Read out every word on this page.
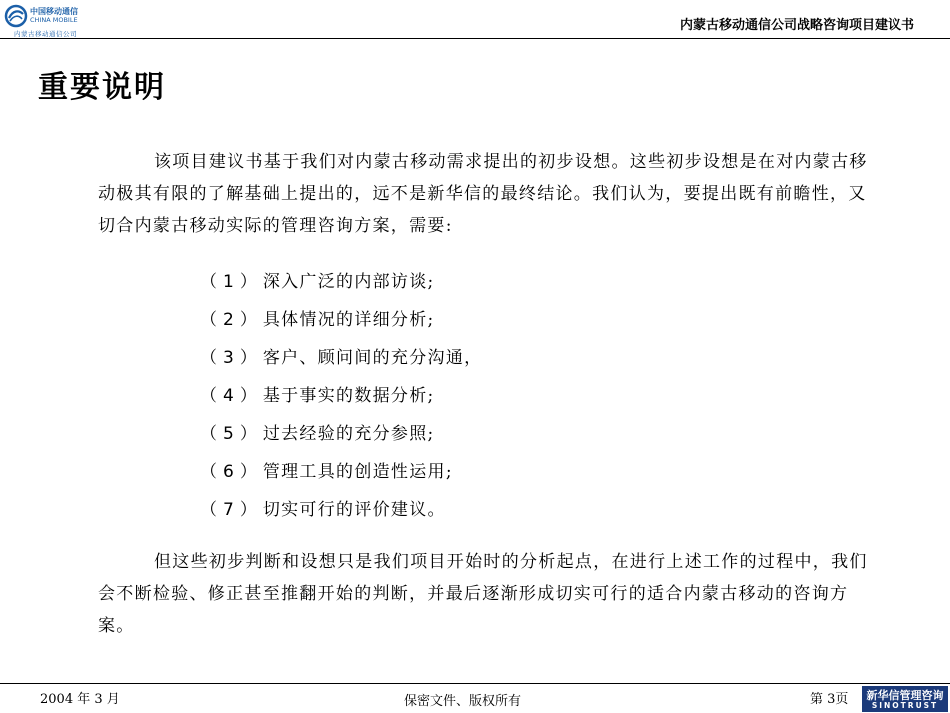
中国移动通信
CHINA MOBILE
内蒙古移动通信公司
内蒙古移动通信公司战略咨询项目建议书
重要说明

该项目建议书基于我们对内蒙古移动需求提出的初步设想。这些初步设想是在对内蒙古移动极其有限的了解基础上提出的，远不是新华信的最终结论。我们认为，要提出既有前瞻性，又切合内蒙古移动实际的管理咨询方案，需要:

（1）深入广泛的内部访谈;
（2）具体情况的详细分析;
（3）客户、顾问间的充分沟通，
（4）基于事实的数据分析;
（5）过去经验的充分参照;
（6）管理工具的创造性运用;
（7）切实可行的评价建议。

但这些初步判断和设想只是我们项目开始时的分析起点，在进行上述工作的过程中，我们会不断检验、修正甚至推翻开始的判断，并最后逐渐形成切实可行的适合内蒙古移动的咨询方案。

2004 年 3 月	保密文件、版权所有	第 3页	新华信管理咨询
SINOTRUST
